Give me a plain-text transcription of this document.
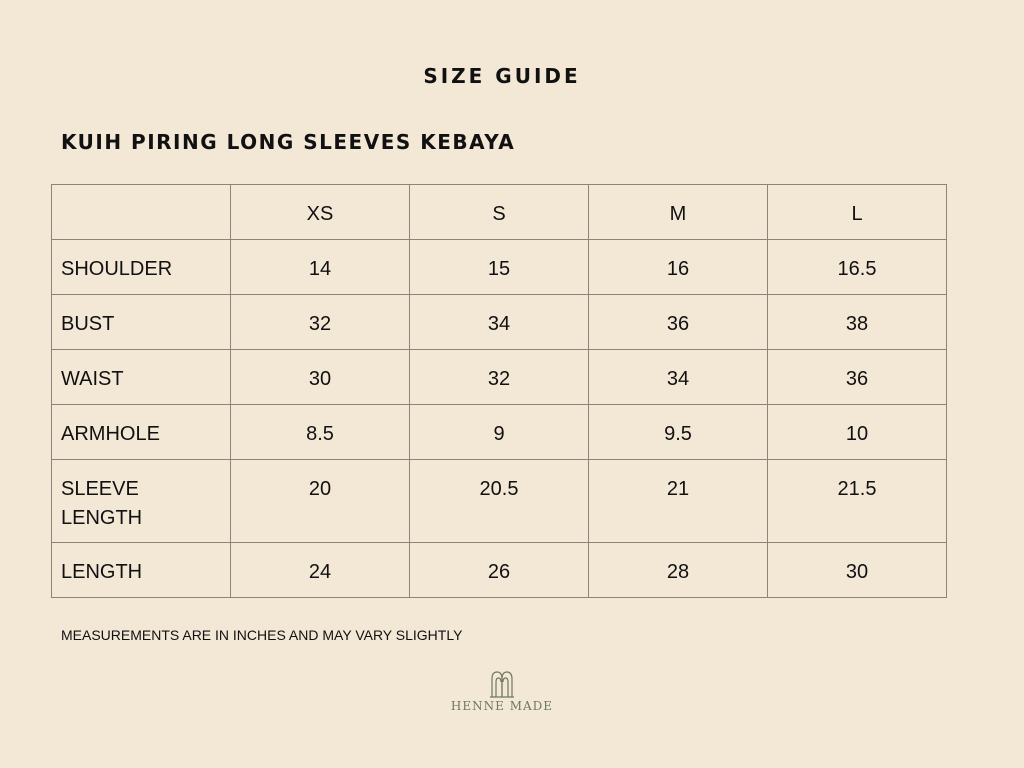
SIZE GUIDE
KUIH PIRING LONG SLEEVES KEBAYA
	XS	S	M	L
SHOULDER	14	15	16	16.5
BUST	32	34	36	38
WAIST	30	32	34	36
ARMHOLE	8.5	9	9.5	10
SLEEVE LENGTH	20	20.5	21	21.5
LENGTH	24	26	28	30
MEASUREMENTS ARE IN INCHES AND MAY VARY SLIGHTLY
HENNE MADE
